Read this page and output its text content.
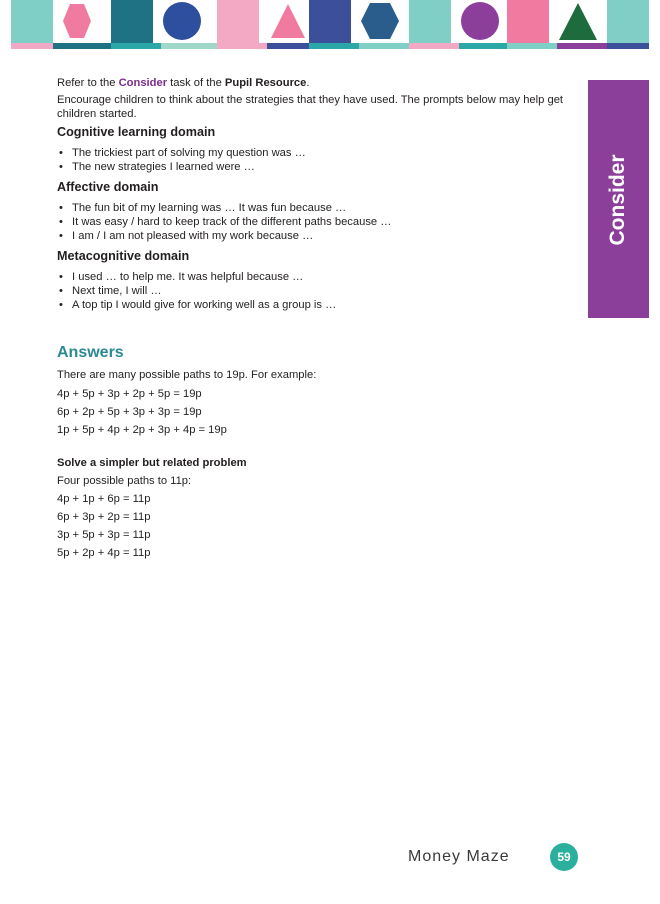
Consider

Refer to the Consider task of the Pupil Resource.

Encourage children to think about the strategies that they have used. The prompts below may help get children started.

Cognitive learning domain
• The trickiest part of solving my question was …
• The new strategies I learned were …
Affective domain
• The fun bit of my learning was … It was fun because …
• It was easy / hard to keep track of the different paths because …
• I am / I am not pleased with my work because …
Metacognitive domain
• I used … to help me. It was helpful because …
• Next time, I will …
• A top tip I would give for working well as a group is …
Answers

There are many possible paths to 19p. For example:

4p + 5p + 3p + 2p + 5p = 19p

6p + 2p + 5p + 3p + 3p = 19p

1p + 5p + 4p + 2p + 3p + 4p = 19p

Solve a simpler but related problem

Four possible paths to 11p:

4p + 1p + 6p = 11p

6p + 3p + 2p = 11p

3p + 5p + 3p = 11p

5p + 2p + 4p = 11p

Money Maze	59
